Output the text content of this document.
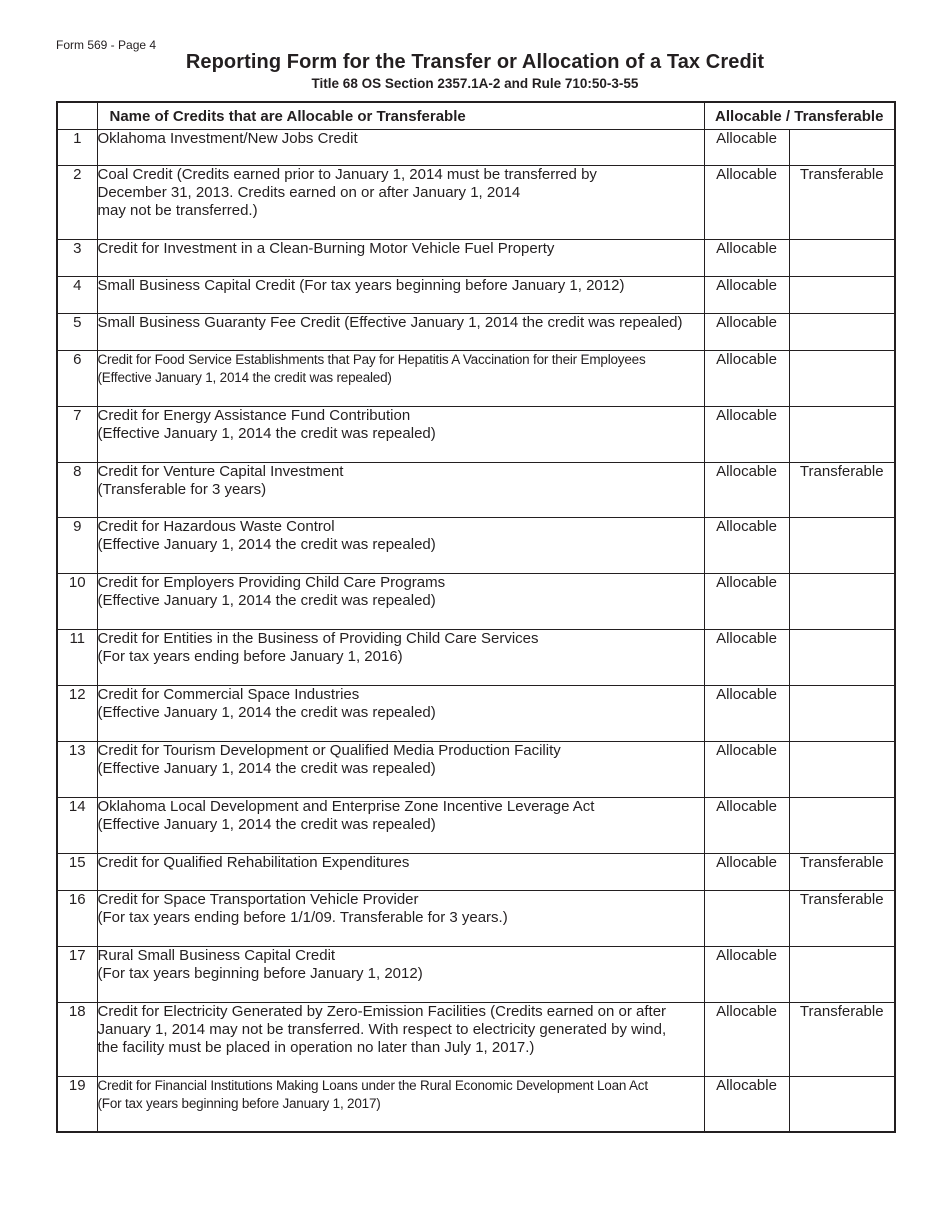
Form 569 - Page 4
Reporting Form for the Transfer or Allocation of a Tax Credit
Title 68 OS Section 2357.1A-2 and Rule 710:50-3-55
	Name of Credits that are Allocable or Transferable	Allocable / Transferable	
1	Oklahoma Investment/New Jobs Credit	Allocable	
2	Coal Credit (Credits earned prior to January 1, 2014 must be transferred by
December 31, 2013. Credits earned on or after January 1, 2014
may not be transferred.)	Allocable	Transferable
3	Credit for Investment in a Clean-Burning Motor Vehicle Fuel Property	Allocable	
4	Small Business Capital Credit (For tax years beginning before January 1, 2012)	Allocable	
5	Small Business Guaranty Fee Credit (Effective January 1, 2014 the credit was repealed)	Allocable	
6	Credit for Food Service Establishments that Pay for Hepatitis A Vaccination for their Employees
(Effective January 1, 2014 the credit was repealed)	Allocable	
7	Credit for Energy Assistance Fund Contribution
(Effective January 1, 2014 the credit was repealed)	Allocable	
8	Credit for Venture Capital Investment
(Transferable for 3 years)	Allocable	Transferable
9	Credit for Hazardous Waste Control
(Effective January 1, 2014 the credit was repealed)	Allocable	
10	Credit for Employers Providing Child Care Programs
(Effective January 1, 2014 the credit was repealed)	Allocable	
11	Credit for Entities in the Business of Providing Child Care Services
(For tax years ending before January 1, 2016)	Allocable	
12	Credit for Commercial Space Industries
(Effective January 1, 2014 the credit was repealed)	Allocable	
13	Credit for Tourism Development or Qualified Media Production Facility
(Effective January 1, 2014 the credit was repealed)	Allocable	
14	Oklahoma Local Development and Enterprise Zone Incentive Leverage Act
(Effective January 1, 2014 the credit was repealed)	Allocable	
15	Credit for Qualified Rehabilitation Expenditures	Allocable	Transferable
16	Credit for Space Transportation Vehicle Provider
(For tax years ending before 1/1/09. Transferable for 3 years.)		Transferable
17	Rural Small Business Capital Credit
(For tax years beginning before January 1, 2012)	Allocable	
18	Credit for Electricity Generated by Zero-Emission Facilities (Credits earned on or after
January 1, 2014 may not be transferred. With respect to electricity generated by wind,
the facility must be placed in operation no later than July 1, 2017.)	Allocable	Transferable
19	Credit for Financial Institutions Making Loans under the Rural Economic Development Loan Act
(For tax years beginning before January 1, 2017)	Allocable	
